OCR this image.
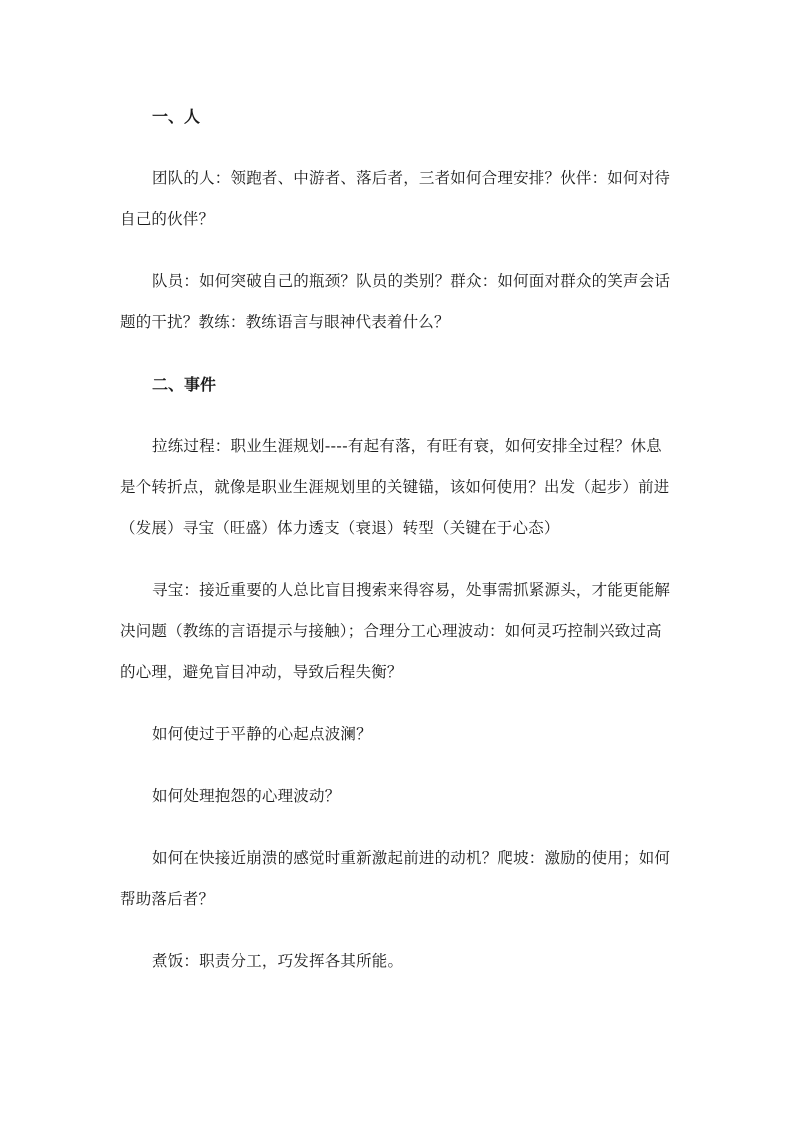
一、人
团队的人：领跑者、中游者、落后者，三者如何合理安排？伙伴：如何对待
自己的伙伴？
队员：如何突破自己的瓶颈？队员的类别？群众：如何面对群众的笑声会话
题的干扰？教练：教练语言与眼神代表着什么？
二、事件
拉练过程：职业生涯规划----有起有落，有旺有衰，如何安排全过程？休息
是个转折点，就像是职业生涯规划里的关键锚，该如何使用？出发（起步）前进
（发展）寻宝（旺盛）体力透支（衰退）转型（关键在于心态）
寻宝：接近重要的人总比盲目搜索来得容易，处事需抓紧源头，才能更能解
决问题（教练的言语提示与接触）；合理分工心理波动：如何灵巧控制兴致过高
的心理，避免盲目冲动，导致后程失衡？
如何使过于平静的心起点波澜？
如何处理抱怨的心理波动？
如何在快接近崩溃的感觉时重新激起前进的动机？爬坡：激励的使用；如何
帮助落后者？
煮饭：职责分工，巧发挥各其所能。
